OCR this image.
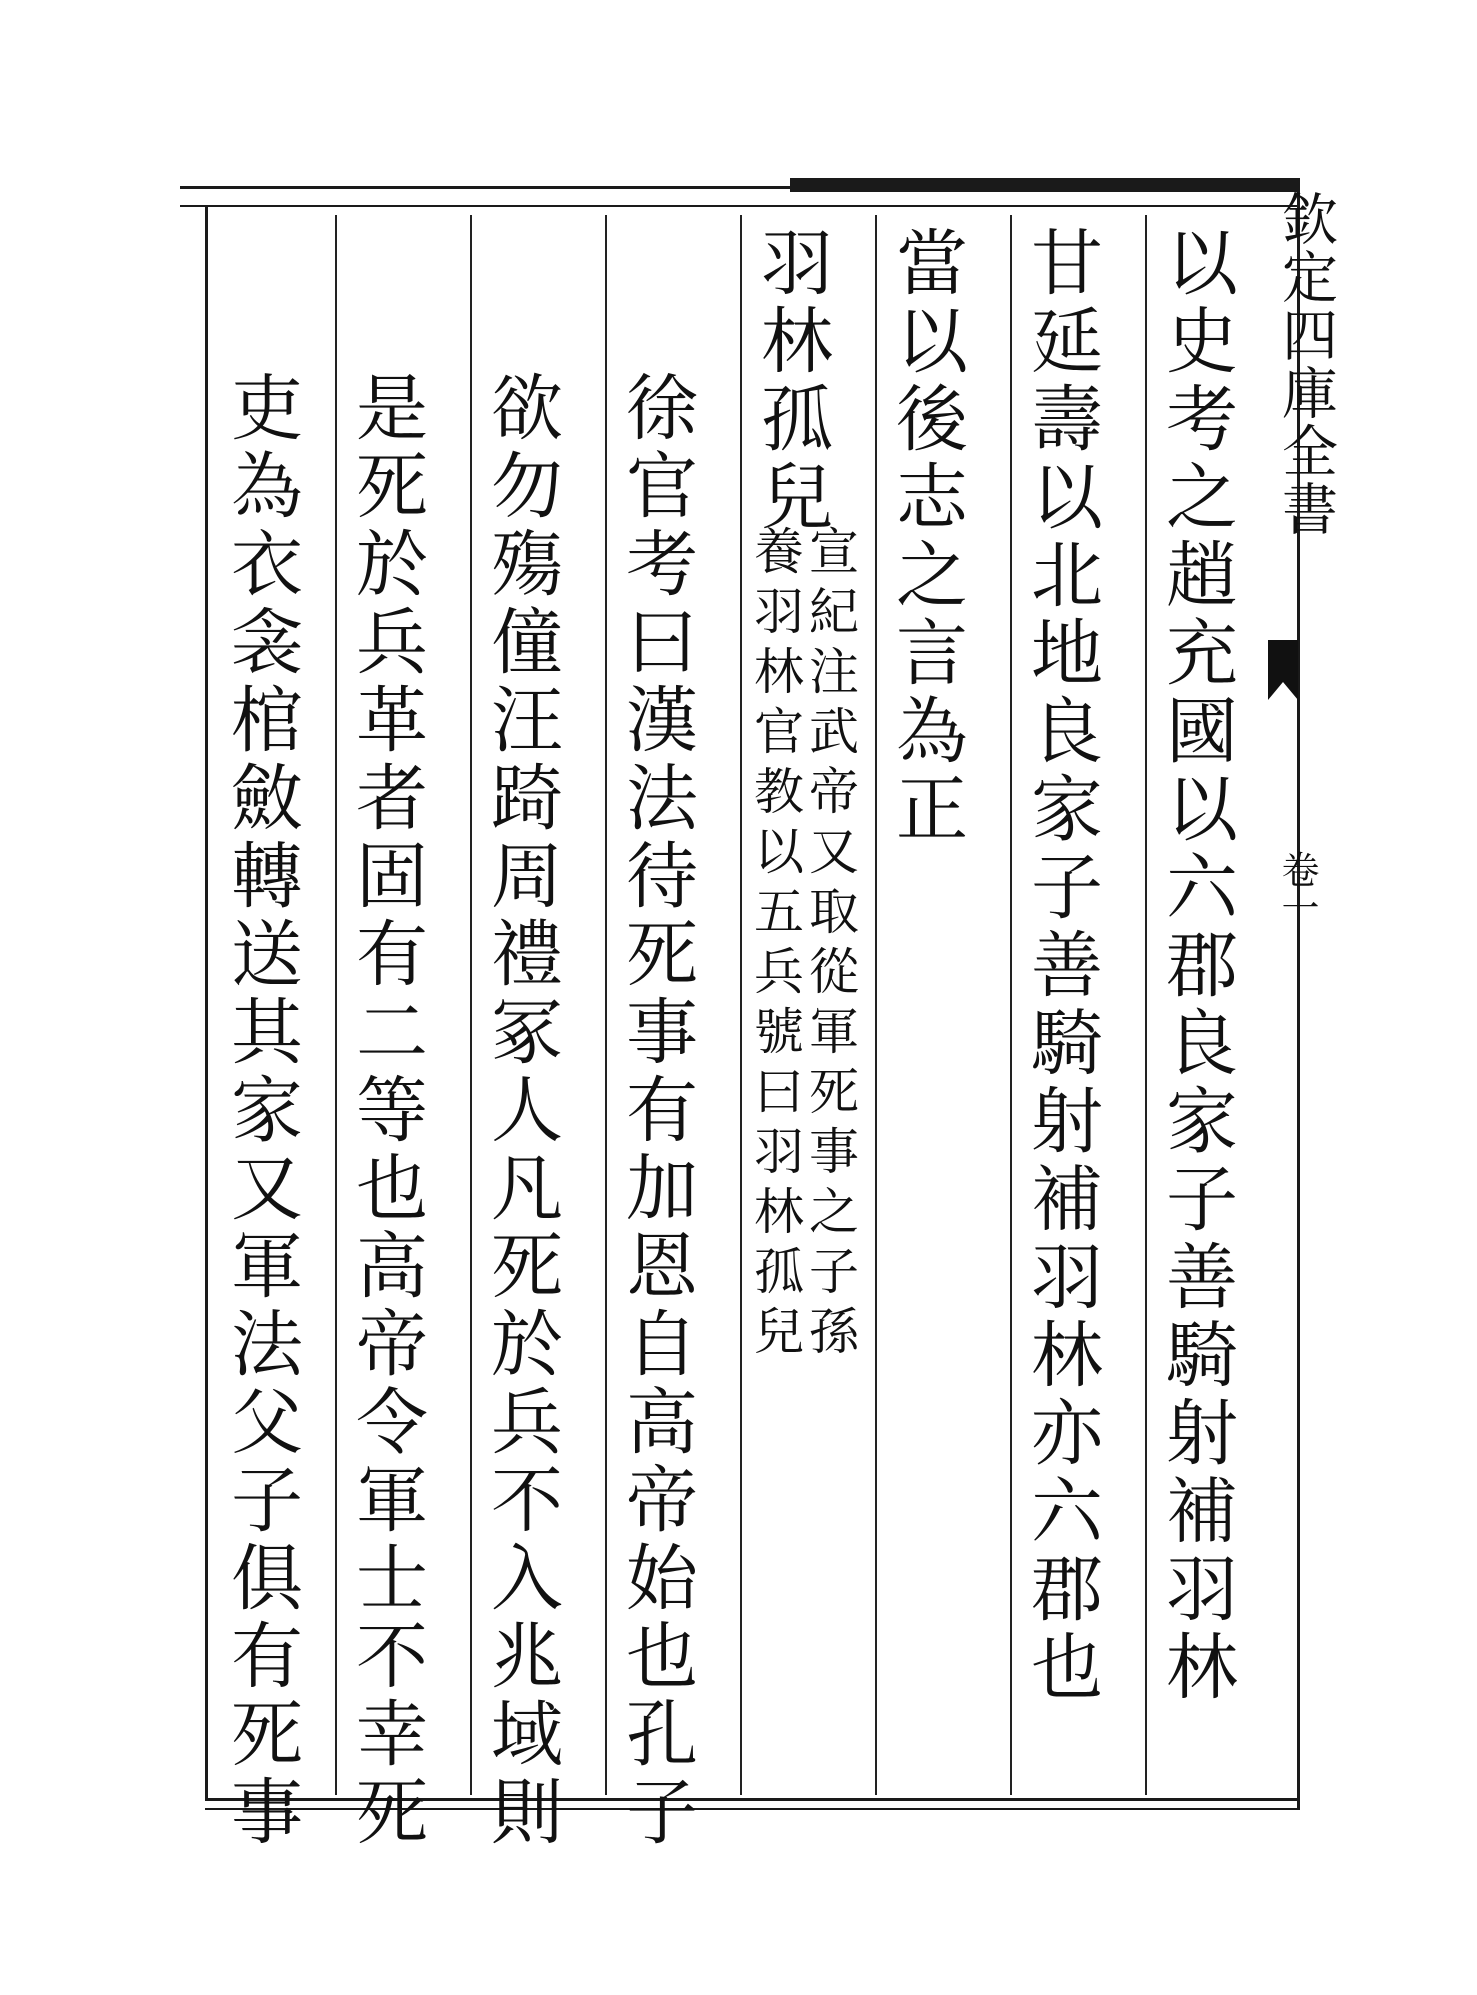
欽定四庫全書
卷一
以史考之趙充國以六郡良家子善騎射補羽林
甘延壽以北地良家子善騎射補羽林亦六郡也
當以後志之言為正
羽林孤兒
宣紀注武帝又取從軍死事之子孫
養羽林官教以五兵號曰羽林孤兒
徐官考曰漢法待死事有加恩自高帝始也孔子
欲勿殤僮汪踦周禮冢人凡死於兵不入兆域則
是死於兵革者固有二等也高帝令軍士不幸死
吏為衣衾棺斂轉送其家又軍法父子俱有死事
